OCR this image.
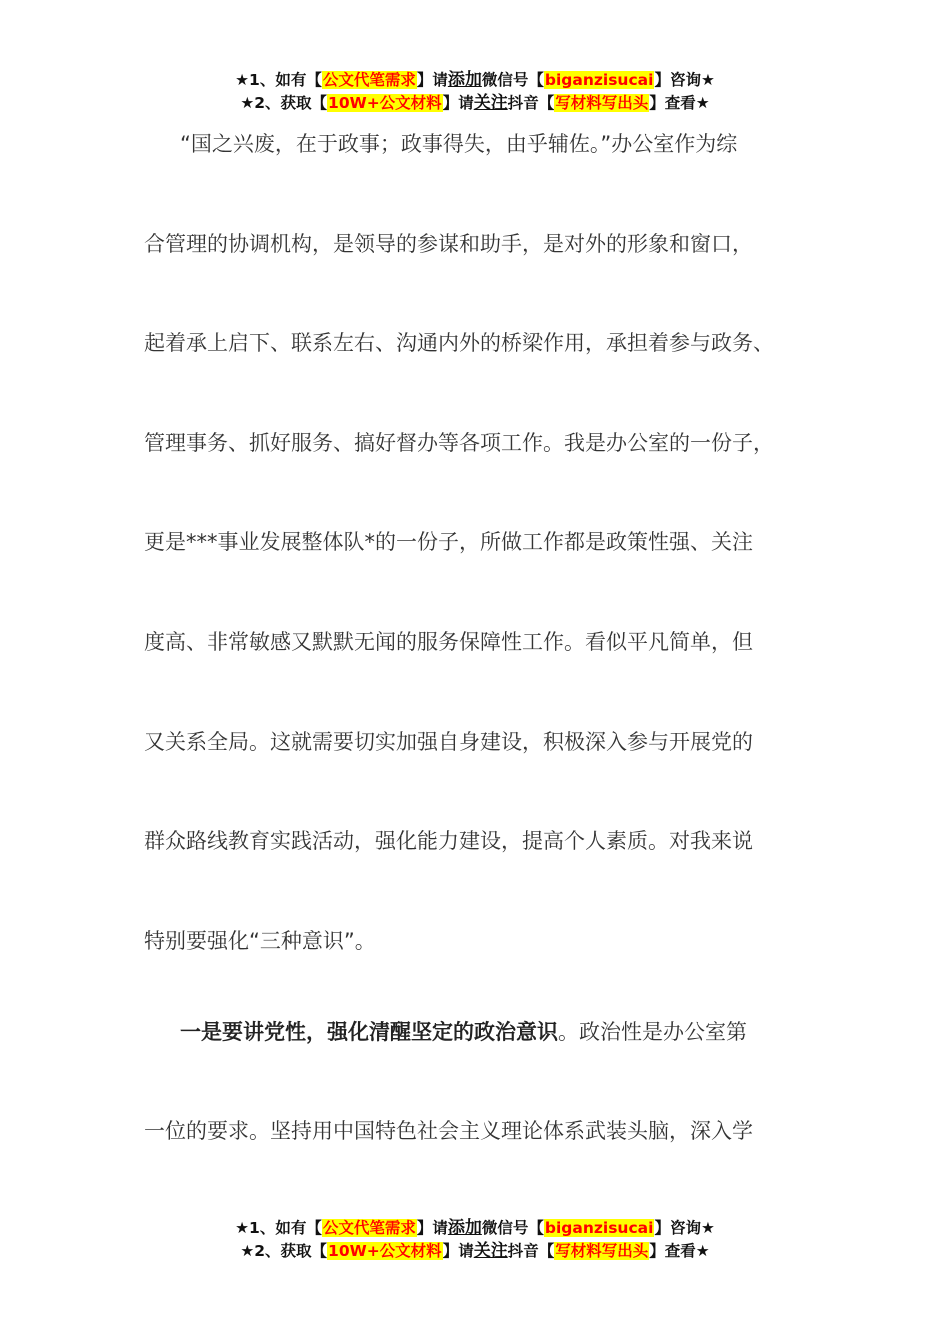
★1、如有【公文代笔需求】请添加微信号【biganzisucai】咨询★
★2、获取【10W+公文材料】请关注抖音【写材料写出头】查看★
“国之兴废，在于政事；政事得失，由乎辅佐。”办公室作为综
合管理的协调机构，是领导的参谋和助手，是对外的形象和窗口，
起着承上启下、联系左右、沟通内外的桥梁作用，承担着参与政务、
管理事务、抓好服务、搞好督办等各项工作。我是办公室的一份子，
更是***事业发展整体队*的一份子，所做工作都是政策性强、关注
度高、非常敏感又默默无闻的服务保障性工作。看似平凡简单，但
又关系全局。这就需要切实加强自身建设，积极深入参与开展党的
群众路线教育实践活动，强化能力建设，提高个人素质。对我来说
特别要强化“三种意识”。
一是要讲党性，强化清醒坚定的政治意识。政治性是办公室第
一位的要求。坚持用中国特色社会主义理论体系武装头脑，深入学
★1、如有【公文代笔需求】请添加微信号【biganzisucai】咨询★
★2、获取【10W+公文材料】请关注抖音【写材料写出头】查看★
